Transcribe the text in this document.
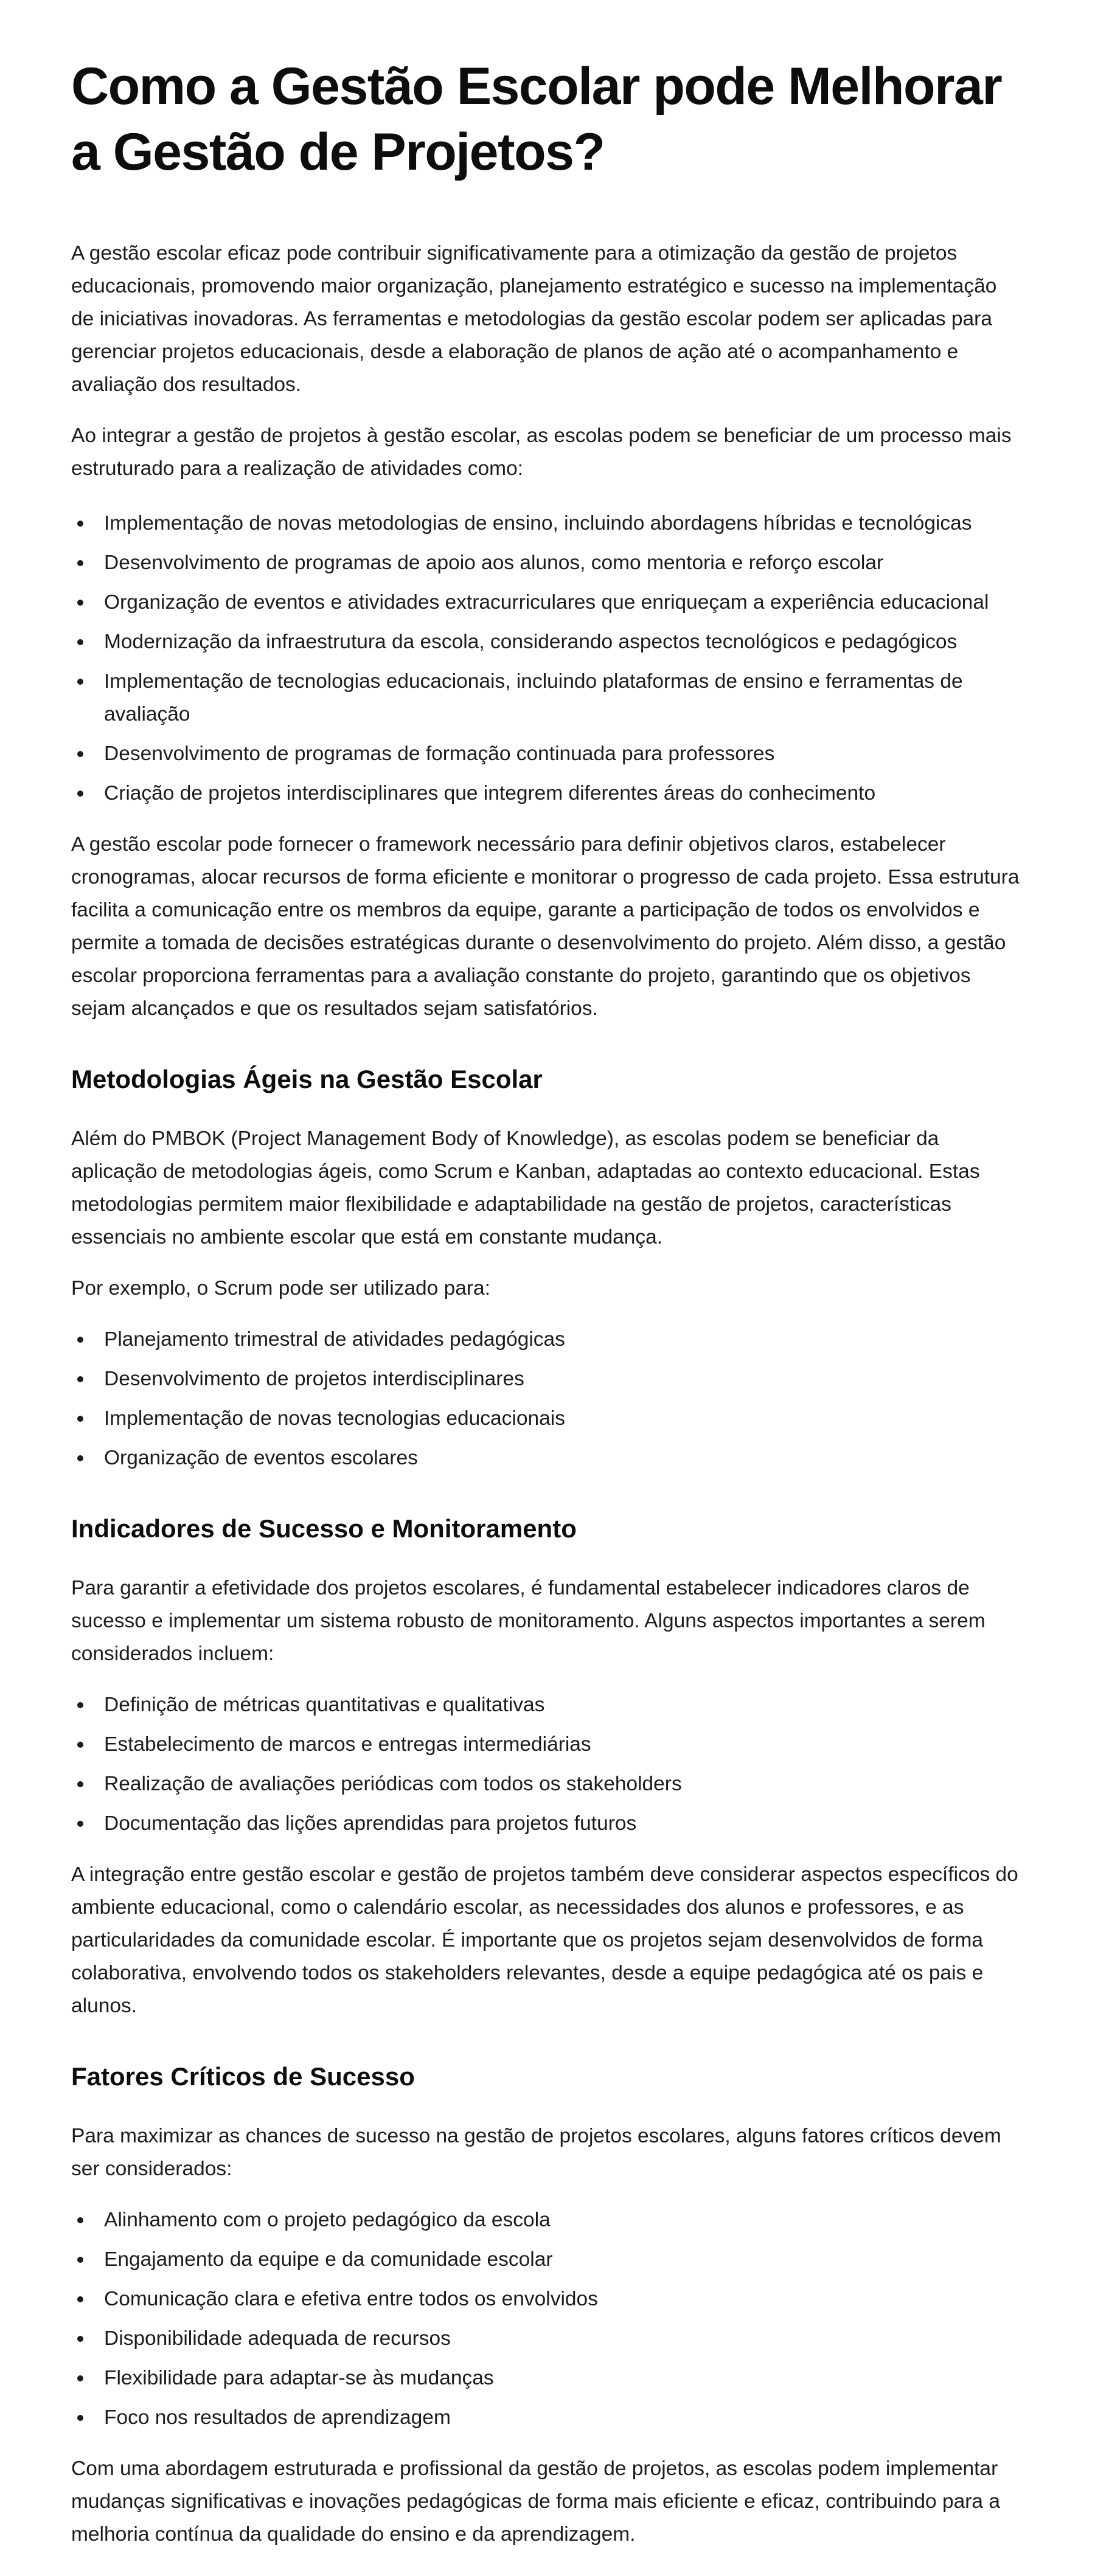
Como a Gestão Escolar pode Melhorar a Gestão de Projetos?

A gestão escolar eficaz pode contribuir significativamente para a otimização da gestão de projetos educacionais, promovendo maior organização, planejamento estratégico e sucesso na implementação de iniciativas inovadoras. As ferramentas e metodologias da gestão escolar podem ser aplicadas para gerenciar projetos educacionais, desde a elaboração de planos de ação até o acompanhamento e avaliação dos resultados.

Ao integrar a gestão de projetos à gestão escolar, as escolas podem se beneficiar de um processo mais estruturado para a realização de atividades como:

Implementação de novas metodologias de ensino, incluindo abordagens híbridas e tecnológicas
Desenvolvimento de programas de apoio aos alunos, como mentoria e reforço escolar
Organização de eventos e atividades extracurriculares que enriqueçam a experiência educacional
Modernização da infraestrutura da escola, considerando aspectos tecnológicos e pedagógicos
Implementação de tecnologias educacionais, incluindo plataformas de ensino e ferramentas de avaliação
Desenvolvimento de programas de formação continuada para professores
Criação de projetos interdisciplinares que integrem diferentes áreas do conhecimento

A gestão escolar pode fornecer o framework necessário para definir objetivos claros, estabelecer cronogramas, alocar recursos de forma eficiente e monitorar o progresso de cada projeto. Essa estrutura facilita a comunicação entre os membros da equipe, garante a participação de todos os envolvidos e permite a tomada de decisões estratégicas durante o desenvolvimento do projeto. Além disso, a gestão escolar proporciona ferramentas para a avaliação constante do projeto, garantindo que os objetivos sejam alcançados e que os resultados sejam satisfatórios.

Metodologias Ágeis na Gestão Escolar

Além do PMBOK (Project Management Body of Knowledge), as escolas podem se beneficiar da aplicação de metodologias ágeis, como Scrum e Kanban, adaptadas ao contexto educacional. Estas metodologias permitem maior flexibilidade e adaptabilidade na gestão de projetos, características essenciais no ambiente escolar que está em constante mudança.

Por exemplo, o Scrum pode ser utilizado para:

Planejamento trimestral de atividades pedagógicas
Desenvolvimento de projetos interdisciplinares
Implementação de novas tecnologias educacionais
Organização de eventos escolares
Indicadores de Sucesso e Monitoramento

Para garantir a efetividade dos projetos escolares, é fundamental estabelecer indicadores claros de sucesso e implementar um sistema robusto de monitoramento. Alguns aspectos importantes a serem considerados incluem:

Definição de métricas quantitativas e qualitativas
Estabelecimento de marcos e entregas intermediárias
Realização de avaliações periódicas com todos os stakeholders
Documentação das lições aprendidas para projetos futuros

A integração entre gestão escolar e gestão de projetos também deve considerar aspectos específicos do ambiente educacional, como o calendário escolar, as necessidades dos alunos e professores, e as particularidades da comunidade escolar. É importante que os projetos sejam desenvolvidos de forma colaborativa, envolvendo todos os stakeholders relevantes, desde a equipe pedagógica até os pais e alunos.

Fatores Críticos de Sucesso

Para maximizar as chances de sucesso na gestão de projetos escolares, alguns fatores críticos devem ser considerados:

Alinhamento com o projeto pedagógico da escola
Engajamento da equipe e da comunidade escolar
Comunicação clara e efetiva entre todos os envolvidos
Disponibilidade adequada de recursos
Flexibilidade para adaptar-se às mudanças
Foco nos resultados de aprendizagem

Com uma abordagem estruturada e profissional da gestão de projetos, as escolas podem implementar mudanças significativas e inovações pedagógicas de forma mais eficiente e eficaz, contribuindo para a melhoria contínua da qualidade do ensino e da aprendizagem.
